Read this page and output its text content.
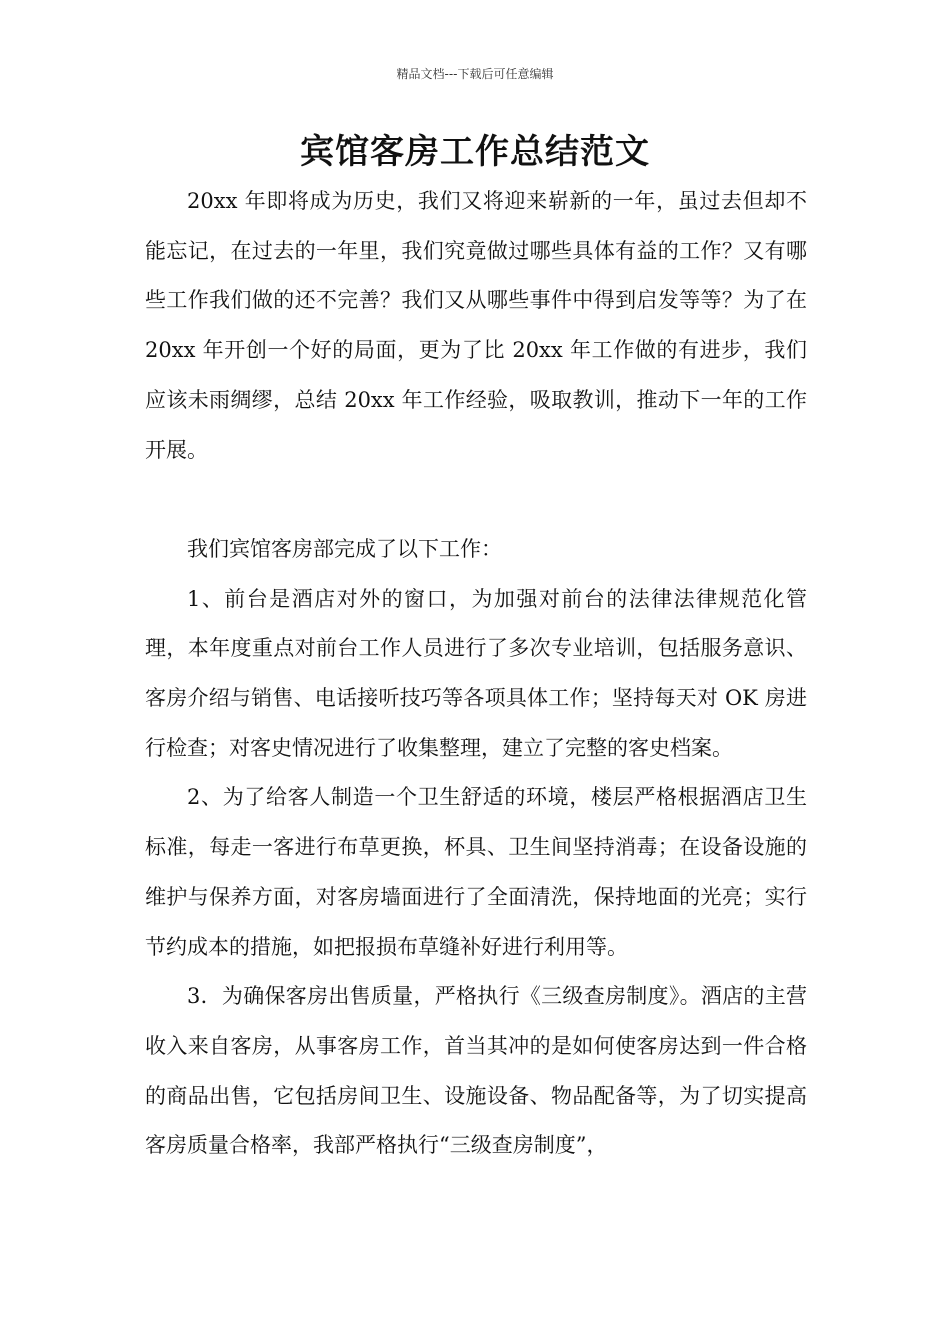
精品文档---下载后可任意编辑
宾馆客房工作总结范文

20xx 年即将成为历史，我们又将迎来崭新的一年，虽过去但却不能忘记，在过去的一年里，我们究竟做过哪些具体有益的工作？又有哪些工作我们做的还不完善？我们又从哪些事件中得到启发等等？为了在 20xx 年开创一个好的局面，更为了比 20xx 年工作做的有进步，我们应该未雨绸缪，总结 20xx 年工作经验，吸取教训，推动下一年的工作开展。

我们宾馆客房部完成了以下工作：

1、前台是酒店对外的窗口，为加强对前台的法律法律规范化管理，本年度重点对前台工作人员进行了多次专业培训，包括服务意识、客房介绍与销售、电话接听技巧等各项具体工作；坚持每天对 OK 房进行检查；对客史情况进行了收集整理，建立了完整的客史档案。

2、为了给客人制造一个卫生舒适的环境，楼层严格根据酒店卫生标准，每走一客进行布草更换，杯具、卫生间坚持消毒；在设备设施的维护与保养方面，对客房墙面进行了全面清洗，保持地面的光亮；实行节约成本的措施，如把报损布草缝补好进行利用等。

3．为确保客房出售质量，严格执行《三级查房制度》。酒店的主营收入来自客房，从事客房工作，首当其冲的是如何使客房达到一件合格的商品出售，它包括房间卫生、设施设备、物品配备等，为了切实提高客房质量合格率，我部严格执行“三级查房制度”，
